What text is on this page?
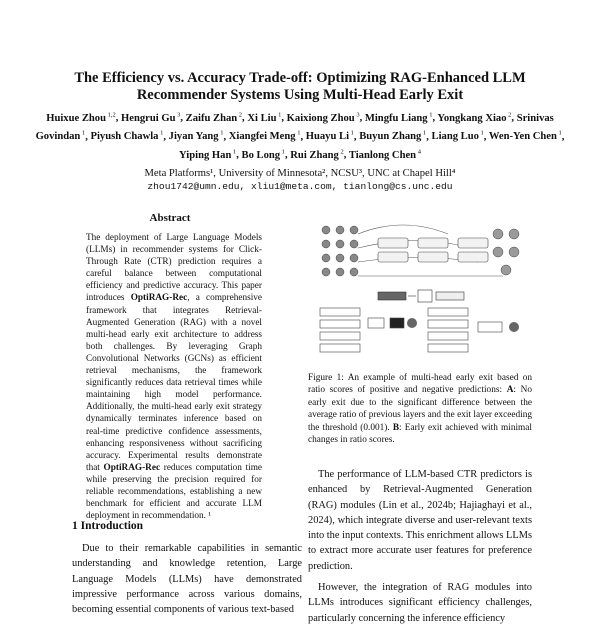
The Efficiency vs. Accuracy Trade-off: Optimizing RAG-Enhanced LLM
Recommender Systems Using Multi-Head Early Exit
Huixue Zhou $^{1,2}$, Hengrui Gu $^3$, Zaifu Zhan $^2$, Xi Liu $^1$, Kaixiong Zhou $^3$, Mingfu Liang $^1$, Yongkang Xiao $^2$, Srinivas Govindan $^1$, Piyush Chawla $^1$, Jiyan Yang $^1$, Xiangfei Meng $^1$, Huayu Li $^1$, Buyun Zhang $^1$, Liang Luo $^1$, Wen-Yen Chen $^1$, Yiping Han $^1$, Bo Long $^1$, Rui Zhang $^2$, Tianlong Chen $^4$
Meta Platforms¹, University of Minnesota², NCSU³, UNC at Chapel Hill⁴
zhou1742@umn.edu, xliu1@meta.com, tianlong@cs.unc.edu
Abstract
The deployment of Large Language Models (LLMs) in recommender systems for Click-Through Rate (CTR) prediction requires a careful balance between computational efficiency and predictive accuracy. This paper introduces OptiRAG-Rec, a comprehensive framework that integrates Retrieval-Augmented Generation (RAG) with a novel multi-head early exit architecture to address both challenges. By leveraging Graph Convolutional Networks (GCNs) as efficient retrieval mechanisms, the framework significantly reduces data retrieval times while maintaining high model performance. Additionally, the multi-head early exit strategy dynamically terminates inference based on real-time predictive confidence assessments, enhancing responsiveness without sacrificing accuracy. Experimental results demonstrate that OptiRAG-Rec reduces computation time while preserving the precision required for reliable recommendations, establishing a new benchmark for efficient and accurate LLM deployment in recommendation. ¹
1 Introduction
Due to their remarkable capabilities in semantic understanding and knowledge retention, Large Language Models (LLMs) have demonstrated impressive performance across various domains, becoming essential components of various text-based
Figure 1: An example of multi-head early exit based on ratio scores of positive and negative predictions: A: No early exit due to the significant difference between the average ratio of previous layers and the exit layer exceeding the threshold (0.001). B: Early exit achieved with minimal changes in ratio scores.

The performance of LLM-based CTR predictors is enhanced by Retrieval-Augmented Generation (RAG) modules (Lin et al., 2024b; Hajiaghayi et al., 2024), which integrate diverse and user-relevant texts into the input contexts. This enrichment allows LLMs to extract more accurate user features for preference prediction.

However, the integration of RAG modules into LLMs introduces significant efficiency challenges, particularly concerning the inference efficiency
